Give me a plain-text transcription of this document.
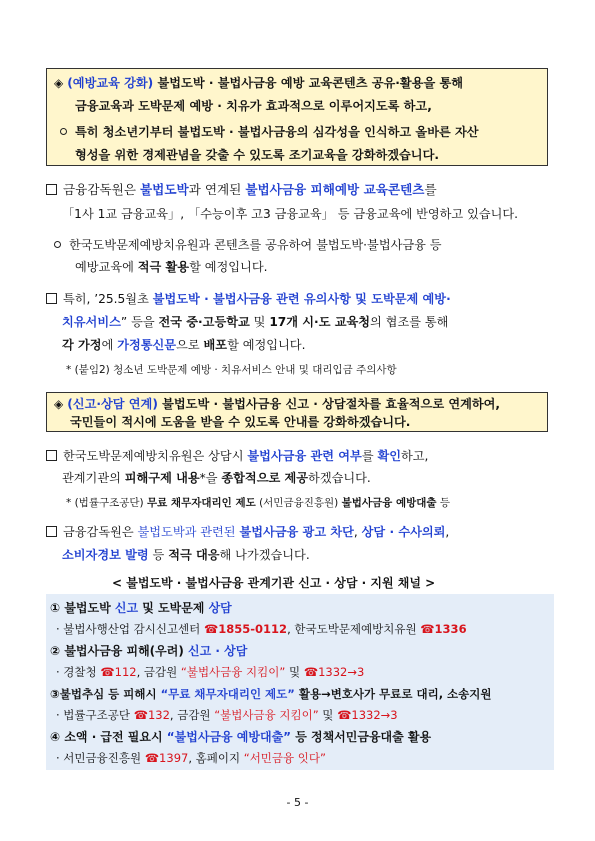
◈ (예방교육 강화) 불법도박 · 불법사금융 예방 교육콘텐츠 공유·활용을 통해
금융교육과 도박문제 예방 · 치유가 효과적으로 이루어지도록 하고,
특히 청소년기부터 불법도박 · 불법사금융의 심각성을 인식하고 올바른 자산
형성을 위한 경제관념을 갖출 수 있도록 조기교육을 강화하겠습니다.
금융감독원은 불법도박과 연계된 불법사금융 피해예방 교육콘텐츠를
「1사 1교 금융교육」, 「수능이후 고3 금융교육」 등 금융교육에 반영하고 있습니다.
한국도박문제예방치유원과 콘텐츠를 공유하여 불법도박·불법사금융 등
예방교육에 적극 활용할 예정입니다.
특히, ’25.5월초 불법도박 · 불법사금융 관련 유의사항 및 도박문제 예방·
치유서비스” 등을 전국 중·고등학교 및 17개 시·도 교육청의 협조를 통해
각 가정에 가정통신문으로 배포할 예정입니다.
* (붙임2) 청소년 도박문제 예방 · 치유서비스 안내 및 대리입금 주의사항
◈ (신고·상담 연계) 불법도박 · 불법사금융 신고 · 상담절차를 효율적으로 연계하여,
국민들이 적시에 도움을 받을 수 있도록 안내를 강화하겠습니다.
한국도박문제예방치유원은 상담시 불법사금융 관련 여부를 확인하고,
관계기관의 피해구제 내용*을 종합적으로 제공하겠습니다.
* (법률구조공단) 무료 채무자대리인 제도 (서민금융진흥원) 불법사금융 예방대출 등
금융감독원은 불법도박과 관련된 불법사금융 광고 차단, 상담 · 수사의뢰,
소비자경보 발령 등 적극 대응해 나가겠습니다.
< 불법도박 · 불법사금융 관계기관 신고 · 상담 · 지원 채널 >
① 불법도박 신고 및 도박문제 상담
· 불법사행산업 감시신고센터 ☎1855-0112, 한국도박문제예방치유원 ☎1336
② 불법사금융 피해(우려) 신고 · 상담
· 경찰청 ☎112, 금감원 “불법사금융 지킴이” 및 ☎1332→3
③불법추심 등 피해시 “무료 채무자대리인 제도” 활용→변호사가 무료로 대리, 소송지원
· 법률구조공단 ☎132, 금감원 “불법사금융 지킴이” 및 ☎1332→3
④ 소액 · 급전 필요시 “불법사금융 예방대출” 등 정책서민금융대출 활용
· 서민금융진흥원 ☎1397, 홈페이지 “서민금융 잇다”
- 5 -
